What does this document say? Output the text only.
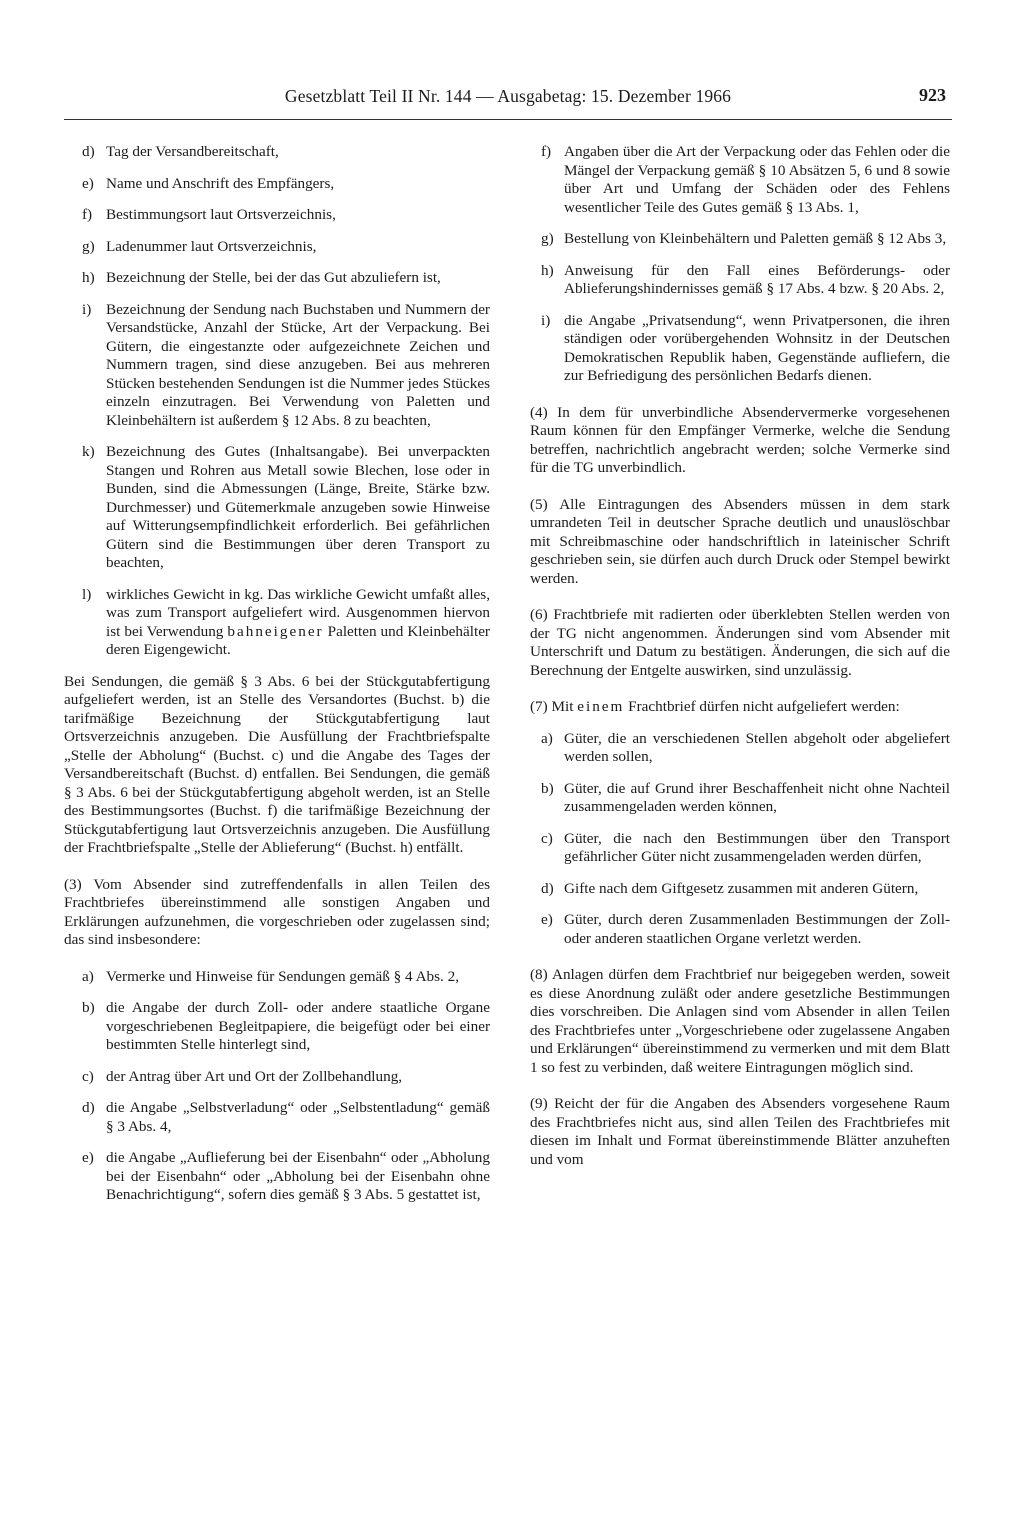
Gesetzblatt Teil II Nr. 144 — Ausgabetag: 15. Dezember 1966	923
d) Tag der Versandbereitschaft,
e) Name und Anschrift des Empfängers,
f) Bestimmungsort laut Ortsverzeichnis,
g) Ladenummer laut Ortsverzeichnis,
h) Bezeichnung der Stelle, bei der das Gut abzuliefern ist,
i) Bezeichnung der Sendung nach Buchstaben und Nummern der Versandstücke, Anzahl der Stücke, Art der Verpackung. Bei Gütern, die eingestanzte oder aufgezeichnete Zeichen und Nummern tragen, sind diese anzugeben. Bei aus mehreren Stücken bestehenden Sendungen ist die Nummer jedes Stückes einzeln einzutragen. Bei Verwendung von Paletten und Kleinbehältern ist außerdem § 12 Abs. 8 zu beachten,
k) Bezeichnung des Gutes (Inhaltsangabe). Bei unverpackten Stangen und Rohren aus Metall sowie Blechen, lose oder in Bunden, sind die Abmessungen (Länge, Breite, Stärke bzw. Durchmesser) und Gütemerkmale anzugeben sowie Hinweise auf Witterungsempfindlichkeit erforderlich. Bei gefährlichen Gütern sind die Bestimmungen über deren Transport zu beachten,
l) wirkliches Gewicht in kg. Das wirkliche Gewicht umfaßt alles, was zum Transport aufgeliefert wird. Ausgenommen hiervon ist bei Verwendung bahneigener Paletten und Kleinbehälter deren Eigengewicht.
Bei Sendungen, die gemäß § 3 Abs. 6 bei der Stückgutabfertigung aufgeliefert werden, ist an Stelle des Versandortes (Buchst. b) die tarifmäßige Bezeichnung der Stückgutabfertigung laut Ortsverzeichnis anzugeben. Die Ausfüllung der Frachtbriefspalte „Stelle der Abholung“ (Buchst. c) und die Angabe des Tages der Versandbereitschaft (Buchst. d) entfallen. Bei Sendungen, die gemäß § 3 Abs. 6 bei der Stückgutabfertigung abgeholt werden, ist an Stelle des Bestimmungsortes (Buchst. f) die tarifmäßige Bezeichnung der Stückgutabfertigung laut Ortsverzeichnis anzugeben. Die Ausfüllung der Frachtbriefspalte „Stelle der Ablieferung“ (Buchst. h) entfällt.
(3) Vom Absender sind zutreffendenfalls in allen Teilen des Frachtbriefes übereinstimmend alle sonstigen Angaben und Erklärungen aufzunehmen, die vorgeschrieben oder zugelassen sind; das sind insbesondere:
a) Vermerke und Hinweise für Sendungen gemäß § 4 Abs. 2,
b) die Angabe der durch Zoll- oder andere staatliche Organe vorgeschriebenen Begleitpapiere, die beigefügt oder bei einer bestimmten Stelle hinterlegt sind,
c) der Antrag über Art und Ort der Zollbehandlung,
d) die Angabe „Selbstverladung“ oder „Selbstentladung“ gemäß § 3 Abs. 4,
e) die Angabe „Auflieferung bei der Eisenbahn“ oder „Abholung bei der Eisenbahn“ oder „Abholung bei der Eisenbahn ohne Benachrichtigung“, sofern dies gemäß § 3 Abs. 5 gestattet ist,
f) Angaben über die Art der Verpackung oder das Fehlen oder die Mängel der Verpackung gemäß § 10 Absätzen 5, 6 und 8 sowie über Art und Umfang der Schäden oder des Fehlens wesentlicher Teile des Gutes gemäß § 13 Abs. 1,
g) Bestellung von Kleinbehältern und Paletten gemäß § 12 Abs 3,
h) Anweisung für den Fall eines Beförderungs- oder Ablieferungshindernisses gemäß § 17 Abs. 4 bzw. § 20 Abs. 2,
i) die Angabe „Privatsendung“, wenn Privatpersonen, die ihren ständigen oder vorübergehenden Wohnsitz in der Deutschen Demokratischen Republik haben, Gegenstände aufliefern, die zur Befriedigung des persönlichen Bedarfs dienen.
(4) In dem für unverbindliche Absendervermerke vorgesehenen Raum können für den Empfänger Vermerke, welche die Sendung betreffen, nachrichtlich angebracht werden; solche Vermerke sind für die TG unverbindlich.
(5) Alle Eintragungen des Absenders müssen in dem stark umrandeten Teil in deutscher Sprache deutlich und unauslöschbar mit Schreibmaschine oder handschriftlich in lateinischer Schrift geschrieben sein, sie dürfen auch durch Druck oder Stempel bewirkt werden.
(6) Frachtbriefe mit radierten oder überklebten Stellen werden von der TG nicht angenommen. Änderungen sind vom Absender mit Unterschrift und Datum zu bestätigen. Änderungen, die sich auf die Berechnung der Entgelte auswirken, sind unzulässig.
(7) Mit einem Frachtbrief dürfen nicht aufgeliefert werden:
a) Güter, die an verschiedenen Stellen abgeholt oder abgeliefert werden sollen,
b) Güter, die auf Grund ihrer Beschaffenheit nicht ohne Nachteil zusammengeladen werden können,
c) Güter, die nach den Bestimmungen über den Transport gefährlicher Güter nicht zusammengeladen werden dürfen,
d) Gifte nach dem Giftgesetz zusammen mit anderen Gütern,
e) Güter, durch deren Zusammenladen Bestimmungen der Zoll- oder anderen staatlichen Organe verletzt werden.
(8) Anlagen dürfen dem Frachtbrief nur beigegeben werden, soweit es diese Anordnung zuläßt oder andere gesetzliche Bestimmungen dies vorschreiben. Die Anlagen sind vom Absender in allen Teilen des Frachtbriefes unter „Vorgeschriebene oder zugelassene Angaben und Erklärungen“ übereinstimmend zu vermerken und mit dem Blatt 1 so fest zu verbinden, daß weitere Eintragungen möglich sind.
(9) Reicht der für die Angaben des Absenders vorgesehene Raum des Frachtbriefes nicht aus, sind allen Teilen des Frachtbriefes mit diesen im Inhalt und Format übereinstimmende Blätter anzuheften und vom
